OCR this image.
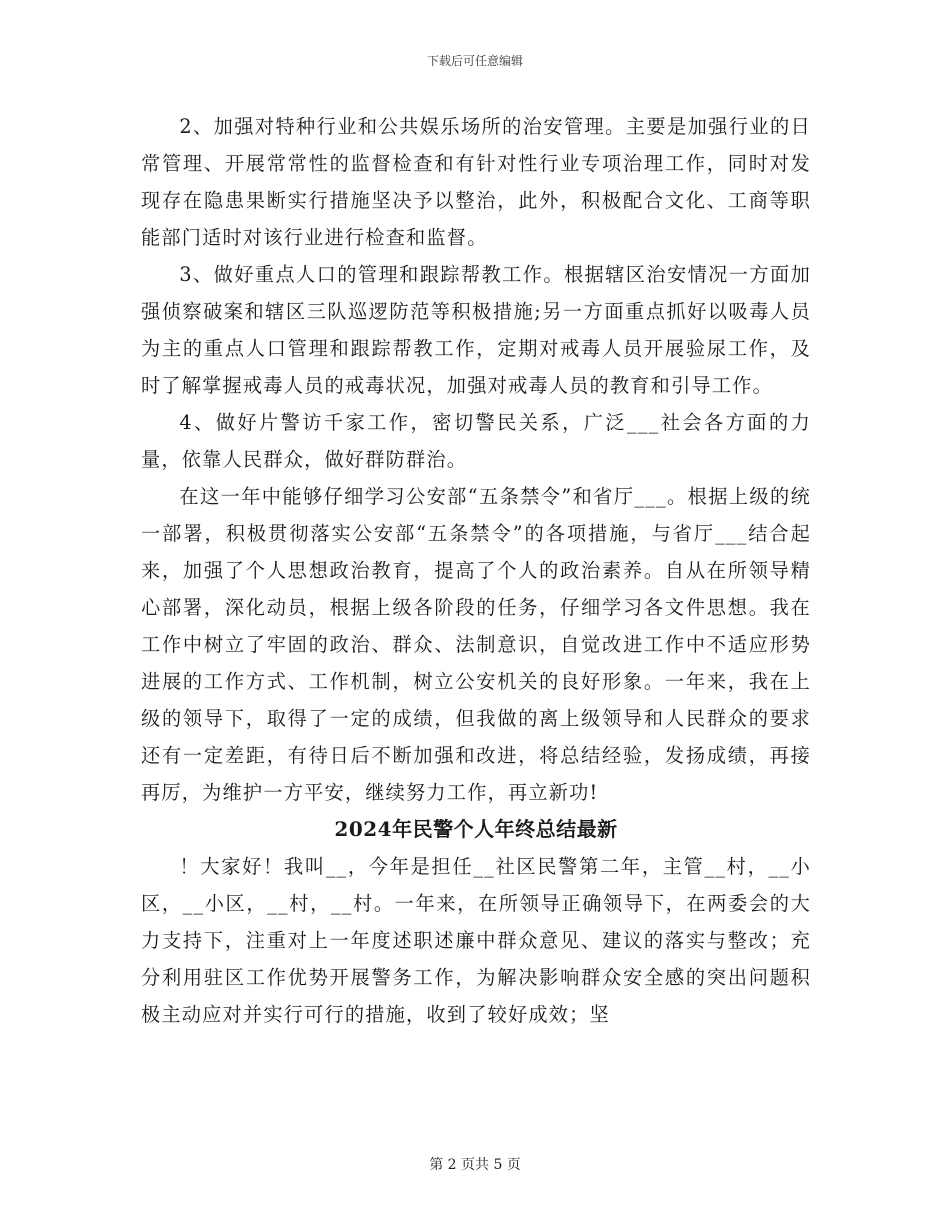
下载后可任意编辑

2、加强对特种行业和公共娱乐场所的治安管理。主要是加强行业的日常管理、开展常常性的监督检查和有针对性行业专项治理工作，同时对发现存在隐患果断实行措施坚决予以整治，此外，积极配合文化、工商等职能部门适时对该行业进行检查和监督。

3、做好重点人口的管理和跟踪帮教工作。根据辖区治安情况一方面加强侦察破案和辖区三队巡逻防范等积极措施;另一方面重点抓好以吸毒人员为主的重点人口管理和跟踪帮教工作，定期对戒毒人员开展验尿工作，及时了解掌握戒毒人员的戒毒状况，加强对戒毒人员的教育和引导工作。

4、做好片警访千家工作，密切警民关系，广泛___社会各方面的力量，依靠人民群众，做好群防群治。

在这一年中能够仔细学习公安部“五条禁令”和省厅___。根据上级的统一部署，积极贯彻落实公安部“五条禁令”的各项措施，与省厅___结合起来，加强了个人思想政治教育，提高了个人的政治素养。自从在所领导精心部署，深化动员，根据上级各阶段的任务，仔细学习各文件思想。我在工作中树立了牢固的政治、群众、法制意识，自觉改进工作中不适应形势进展的工作方式、工作机制，树立公安机关的良好形象。一年来，我在上级的领导下，取得了一定的成绩，但我做的离上级领导和人民群众的要求还有一定差距，有待日后不断加强和改进，将总结经验，发扬成绩，再接再厉，为维护一方平安，继续努力工作，再立新功!

2024年民警个人年终总结最新

！大家好！我叫__，今年是担任__社区民警第二年，主管__村，__小区，__小区，__村，__村。一年来，在所领导正确领导下，在两委会的大力支持下，注重对上一年度述职述廉中群众意见、建议的落实与整改；充分利用驻区工作优势开展警务工作，为解决影响群众安全感的突出问题积极主动应对并实行可行的措施，收到了较好成效；坚

第 2 页共 5 页
